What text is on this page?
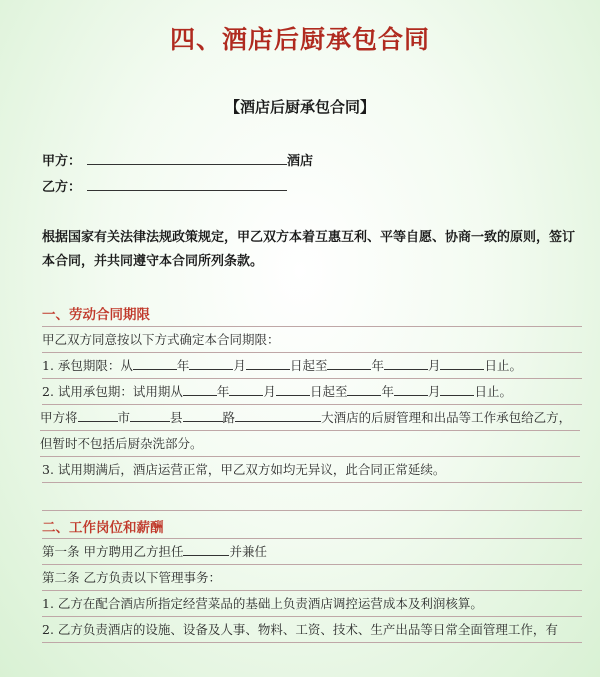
四、酒店后厨承包合同
【酒店后厨承包合同】
甲方：	酒店
乙方：
根据国家有关法律法规政策规定，甲乙双方本着互惠互利、平等自愿、协商一致的原则，签订本合同，并共同遵守本合同所列条款。
一、劳动合同期限
甲乙双方同意按以下方式确定本合同期限：
1. 承包期限：从	年	月	日起至	年	月	日止。
2. 试用承包期：试用期从	年	月	日起至	年	月	日止。
甲方将	市	县	路	大酒店的后厨管理和出品等工作承包给乙方，
但暂时不包括后厨杂洗部分。
3. 试用期满后，酒店运营正常，甲乙双方如均无异议，此合同正常延续。
二、工作岗位和薪酬
第一条 甲方聘用乙方担任	并兼任
第二条 乙方负责以下管理事务：
1. 乙方在配合酒店所指定经营菜品的基础上负责酒店调控运营成本及利润核算。
2. 乙方负责酒店的设施、设备及人事、物料、工资、技术、生产出品等日常全面管理工作，有
